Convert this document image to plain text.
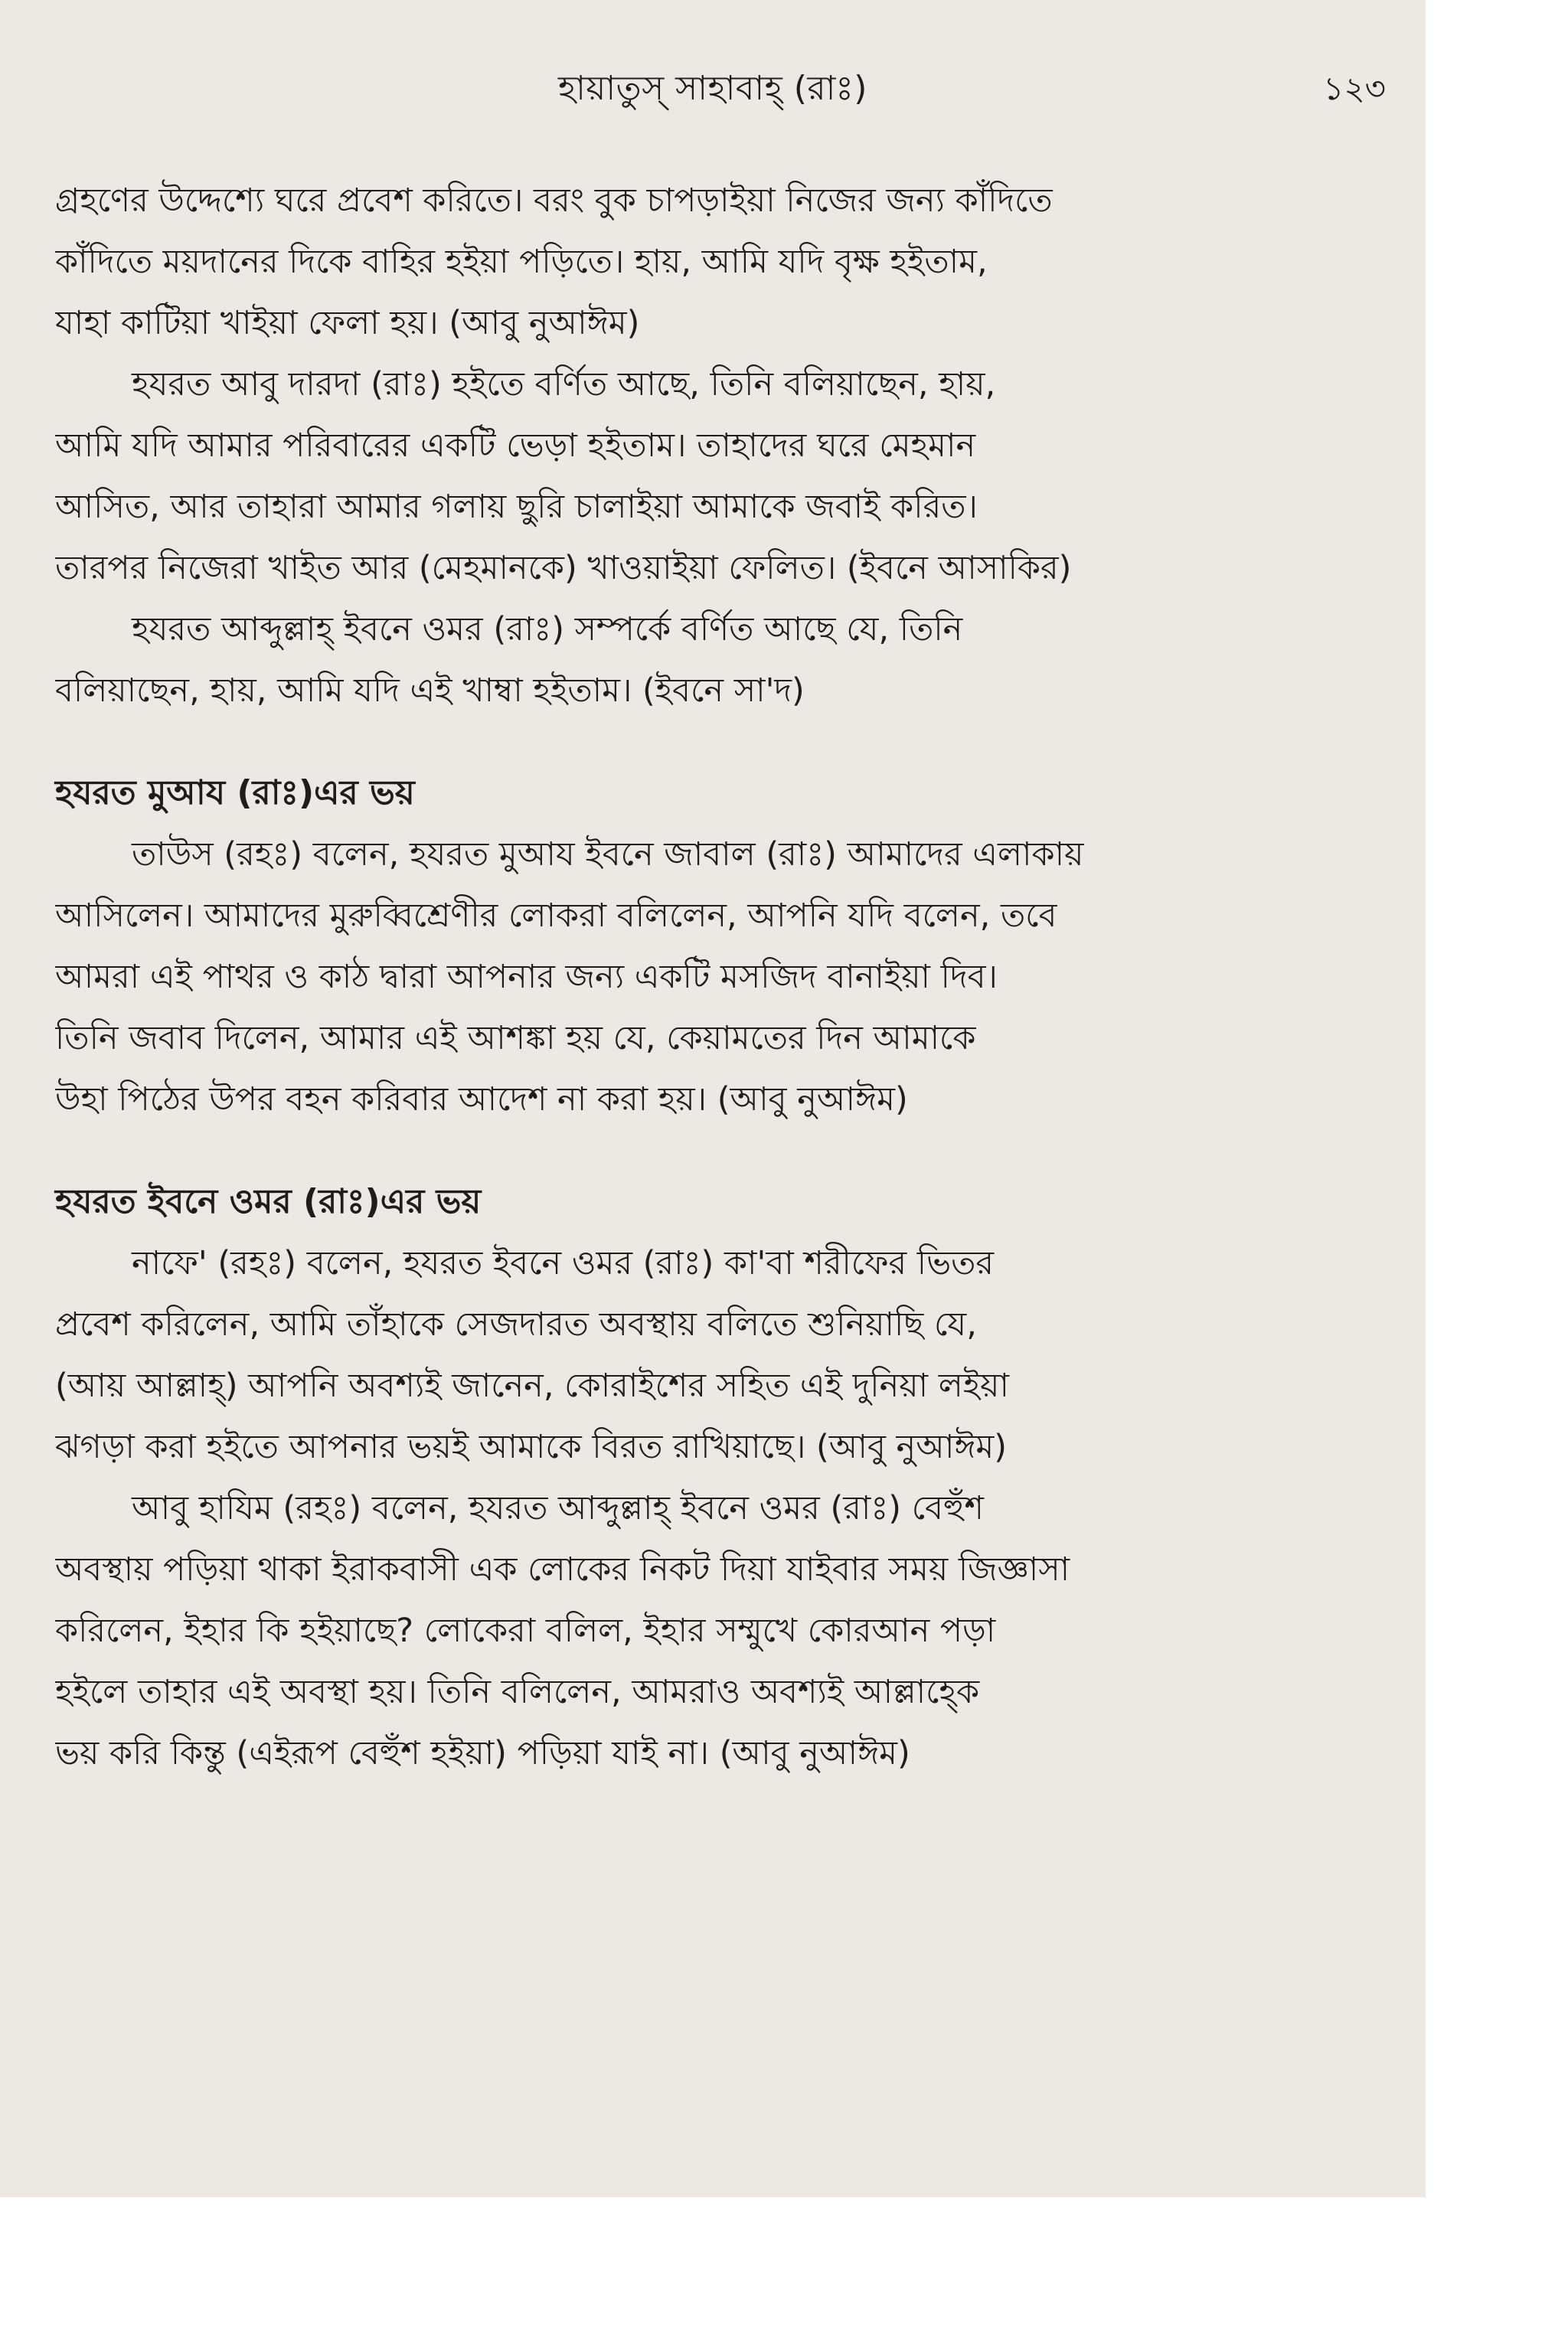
হায়াতুস্ সাহাবাহ্ (রাঃ)	১২৩
গ্রহণের উদ্দেশ্যে ঘরে প্রবেশ করিতে। বরং বুক চাপড়াইয়া নিজের জন্য কাঁদিতে
কাঁদিতে ময়দানের দিকে বাহির হইয়া পড়িতে। হায়, আমি যদি বৃক্ষ হইতাম,
যাহা কাটিয়া খাইয়া ফেলা হয়। (আবু নুআঈম)
হযরত আবু দারদা (রাঃ) হইতে বর্ণিত আছে, তিনি বলিয়াছেন, হায়,
আমি যদি আমার পরিবারের একটি ভেড়া হইতাম। তাহাদের ঘরে মেহমান
আসিত, আর তাহারা আমার গলায় ছুরি চালাইয়া আমাকে জবাই করিত।
তারপর নিজেরা খাইত আর (মেহমানকে) খাওয়াইয়া ফেলিত। (ইবনে আসাকির)
হযরত আব্দুল্লাহ্ ইবনে ওমর (রাঃ) সম্পর্কে বর্ণিত আছে যে, তিনি
বলিয়াছেন, হায়, আমি যদি এই খাম্বা হইতাম। (ইবনে সা'দ)
হযরত মুআয (রাঃ)এর ভয়
তাউস (রহঃ) বলেন, হযরত মুআয ইবনে জাবাল (রাঃ) আমাদের এলাকায়
আসিলেন। আমাদের মুরুব্বিশ্রেণীর লোকরা বলিলেন, আপনি যদি বলেন, তবে
আমরা এই পাথর ও কাঠ দ্বারা আপনার জন্য একটি মসজিদ বানাইয়া দিব।
তিনি জবাব দিলেন, আমার এই আশঙ্কা হয় যে, কেয়ামতের দিন আমাকে
উহা পিঠের উপর বহন করিবার আদেশ না করা হয়। (আবু নুআঈম)
হযরত ইবনে ওমর (রাঃ)এর ভয়
নাফে' (রহঃ) বলেন, হযরত ইবনে ওমর (রাঃ) কা'বা শরীফের ভিতর
প্রবেশ করিলেন, আমি তাঁহাকে সেজদারত অবস্থায় বলিতে শুনিয়াছি যে,
(আয় আল্লাহ্) আপনি অবশ্যই জানেন, কোরাইশের সহিত এই দুনিয়া লইয়া
ঝগড়া করা হইতে আপনার ভয়ই আমাকে বিরত রাখিয়াছে। (আবু নুআঈম)
আবু হাযিম (রহঃ) বলেন, হযরত আব্দুল্লাহ্ ইবনে ওমর (রাঃ) বেহুঁশ
অবস্থায় পড়িয়া থাকা ইরাকবাসী এক লোকের নিকট দিয়া যাইবার সময় জিজ্ঞাসা
করিলেন, ইহার কি হইয়াছে? লোকেরা বলিল, ইহার সম্মুখে কোরআন পড়া
হইলে তাহার এই অবস্থা হয়। তিনি বলিলেন, আমরাও অবশ্যই আল্লাহ্কে
ভয় করি কিন্তু (এইরূপ বেহুঁশ হইয়া) পড়িয়া যাই না। (আবু নুআঈম)
